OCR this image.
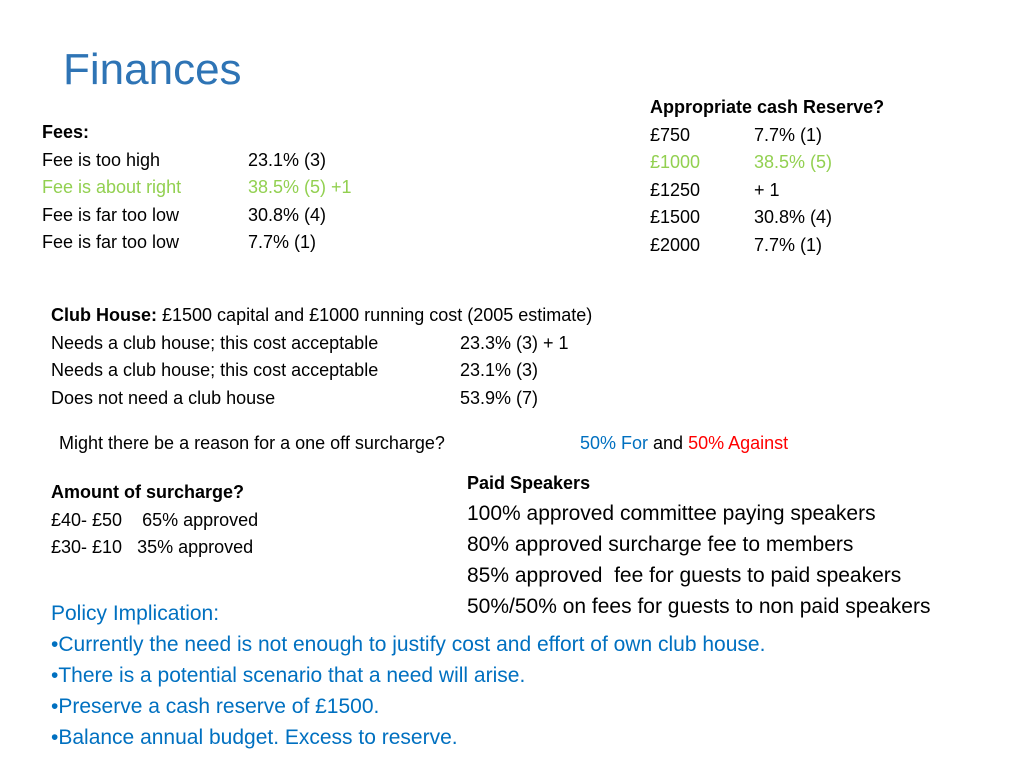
Finances
Fees:
Fee is too high	23.1% (3)
Fee is about right	38.5% (5) +1
Fee is far too low	30.8% (4)
Fee is far too low	7.7% (1)
Appropriate cash Reserve?
£750	7.7% (1)
£1000	38.5% (5)
£1250	+ 1
£1500	30.8% (4)
£2000	7.7% (1)
Club House: £1500 capital and £1000 running cost (2005 estimate)
Needs a club house; this cost acceptable	23.3% (3) + 1
Needs a club house; this cost acceptable	23.1% (3)
Does not need a club house	53.9% (7)
Might there be a reason for a one off surcharge?	50% For and 50% Against
Amount of surcharge?
£40- £50    65% approved
£30- £10   35% approved
Paid Speakers
100% approved committee paying speakers
80% approved surcharge fee to members
85% approved  fee for guests to paid speakers
50%/50% on fees for guests to non paid speakers
Policy Implication:
•Currently the need is not enough to justify cost and effort of own club house.
•There is a potential scenario that a need will arise.
•Preserve a cash reserve of £1500.
•Balance annual budget. Excess to reserve.
